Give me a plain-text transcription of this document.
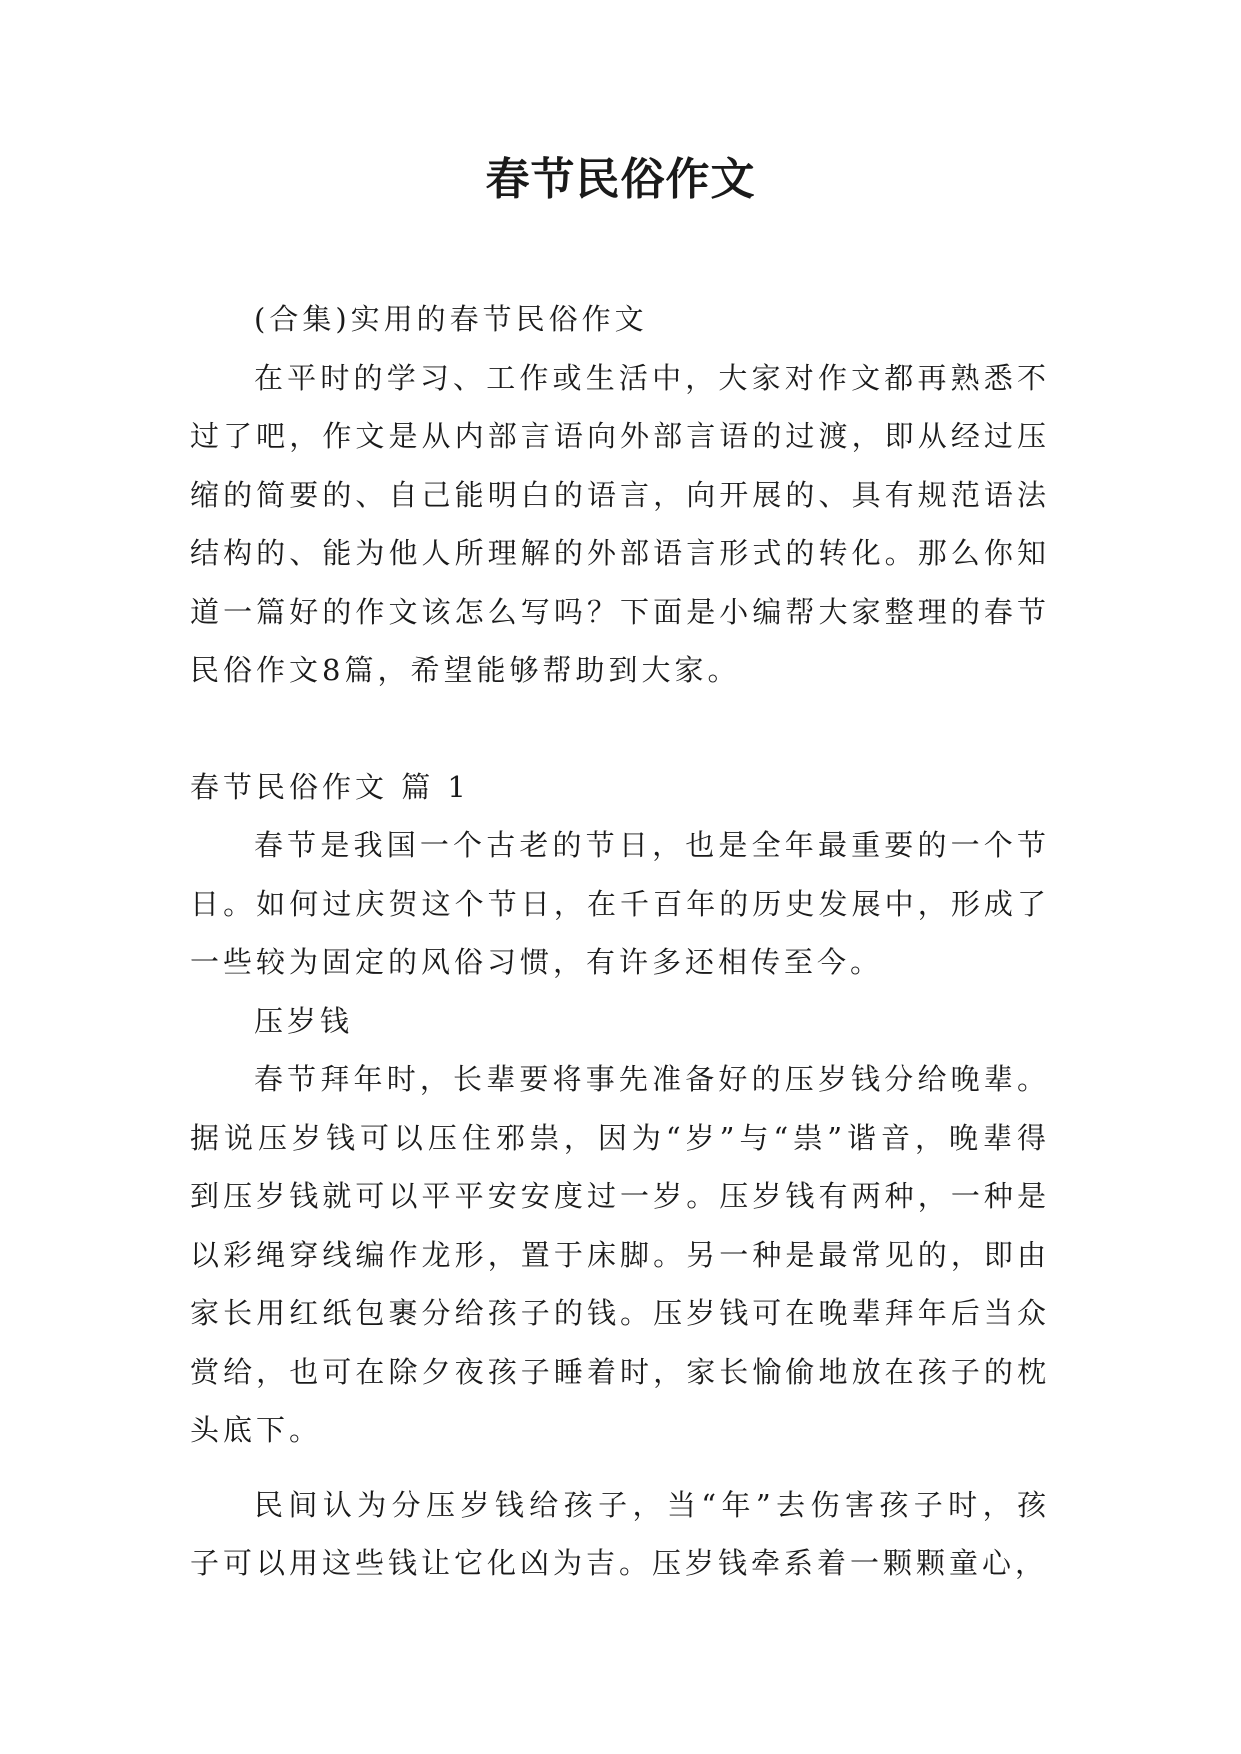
春节民俗作文

(合集)实用的春节民俗作文

在平时的学习、工作或生活中，大家对作文都再熟悉不过了吧，作文是从内部言语向外部言语的过渡，即从经过压缩的简要的、自己能明白的语言，向开展的、具有规范语法结构的、能为他人所理解的外部语言形式的转化。那么你知道一篇好的作文该怎么写吗？下面是小编帮大家整理的春节民俗作文8篇，希望能够帮助到大家。

春节民俗作文 篇 1

春节是我国一个古老的节日，也是全年最重要的一个节日。如何过庆贺这个节日，在千百年的历史发展中，形成了一些较为固定的风俗习惯，有许多还相传至今。

压岁钱

春节拜年时，长辈要将事先准备好的压岁钱分给晚辈。据说压岁钱可以压住邪祟，因为“岁”与“祟”谐音，晚辈得到压岁钱就可以平平安安度过一岁。压岁钱有两种，一种是以彩绳穿线编作龙形，置于床脚。另一种是最常见的，即由家长用红纸包裹分给孩子的钱。压岁钱可在晚辈拜年后当众赏给，也可在除夕夜孩子睡着时，家长愉偷地放在孩子的枕头底下。

民间认为分压岁钱给孩子，当“年”去伤害孩子时，孩子可以用这些钱让它化凶为吉。压岁钱牵系着一颗颗童心，
